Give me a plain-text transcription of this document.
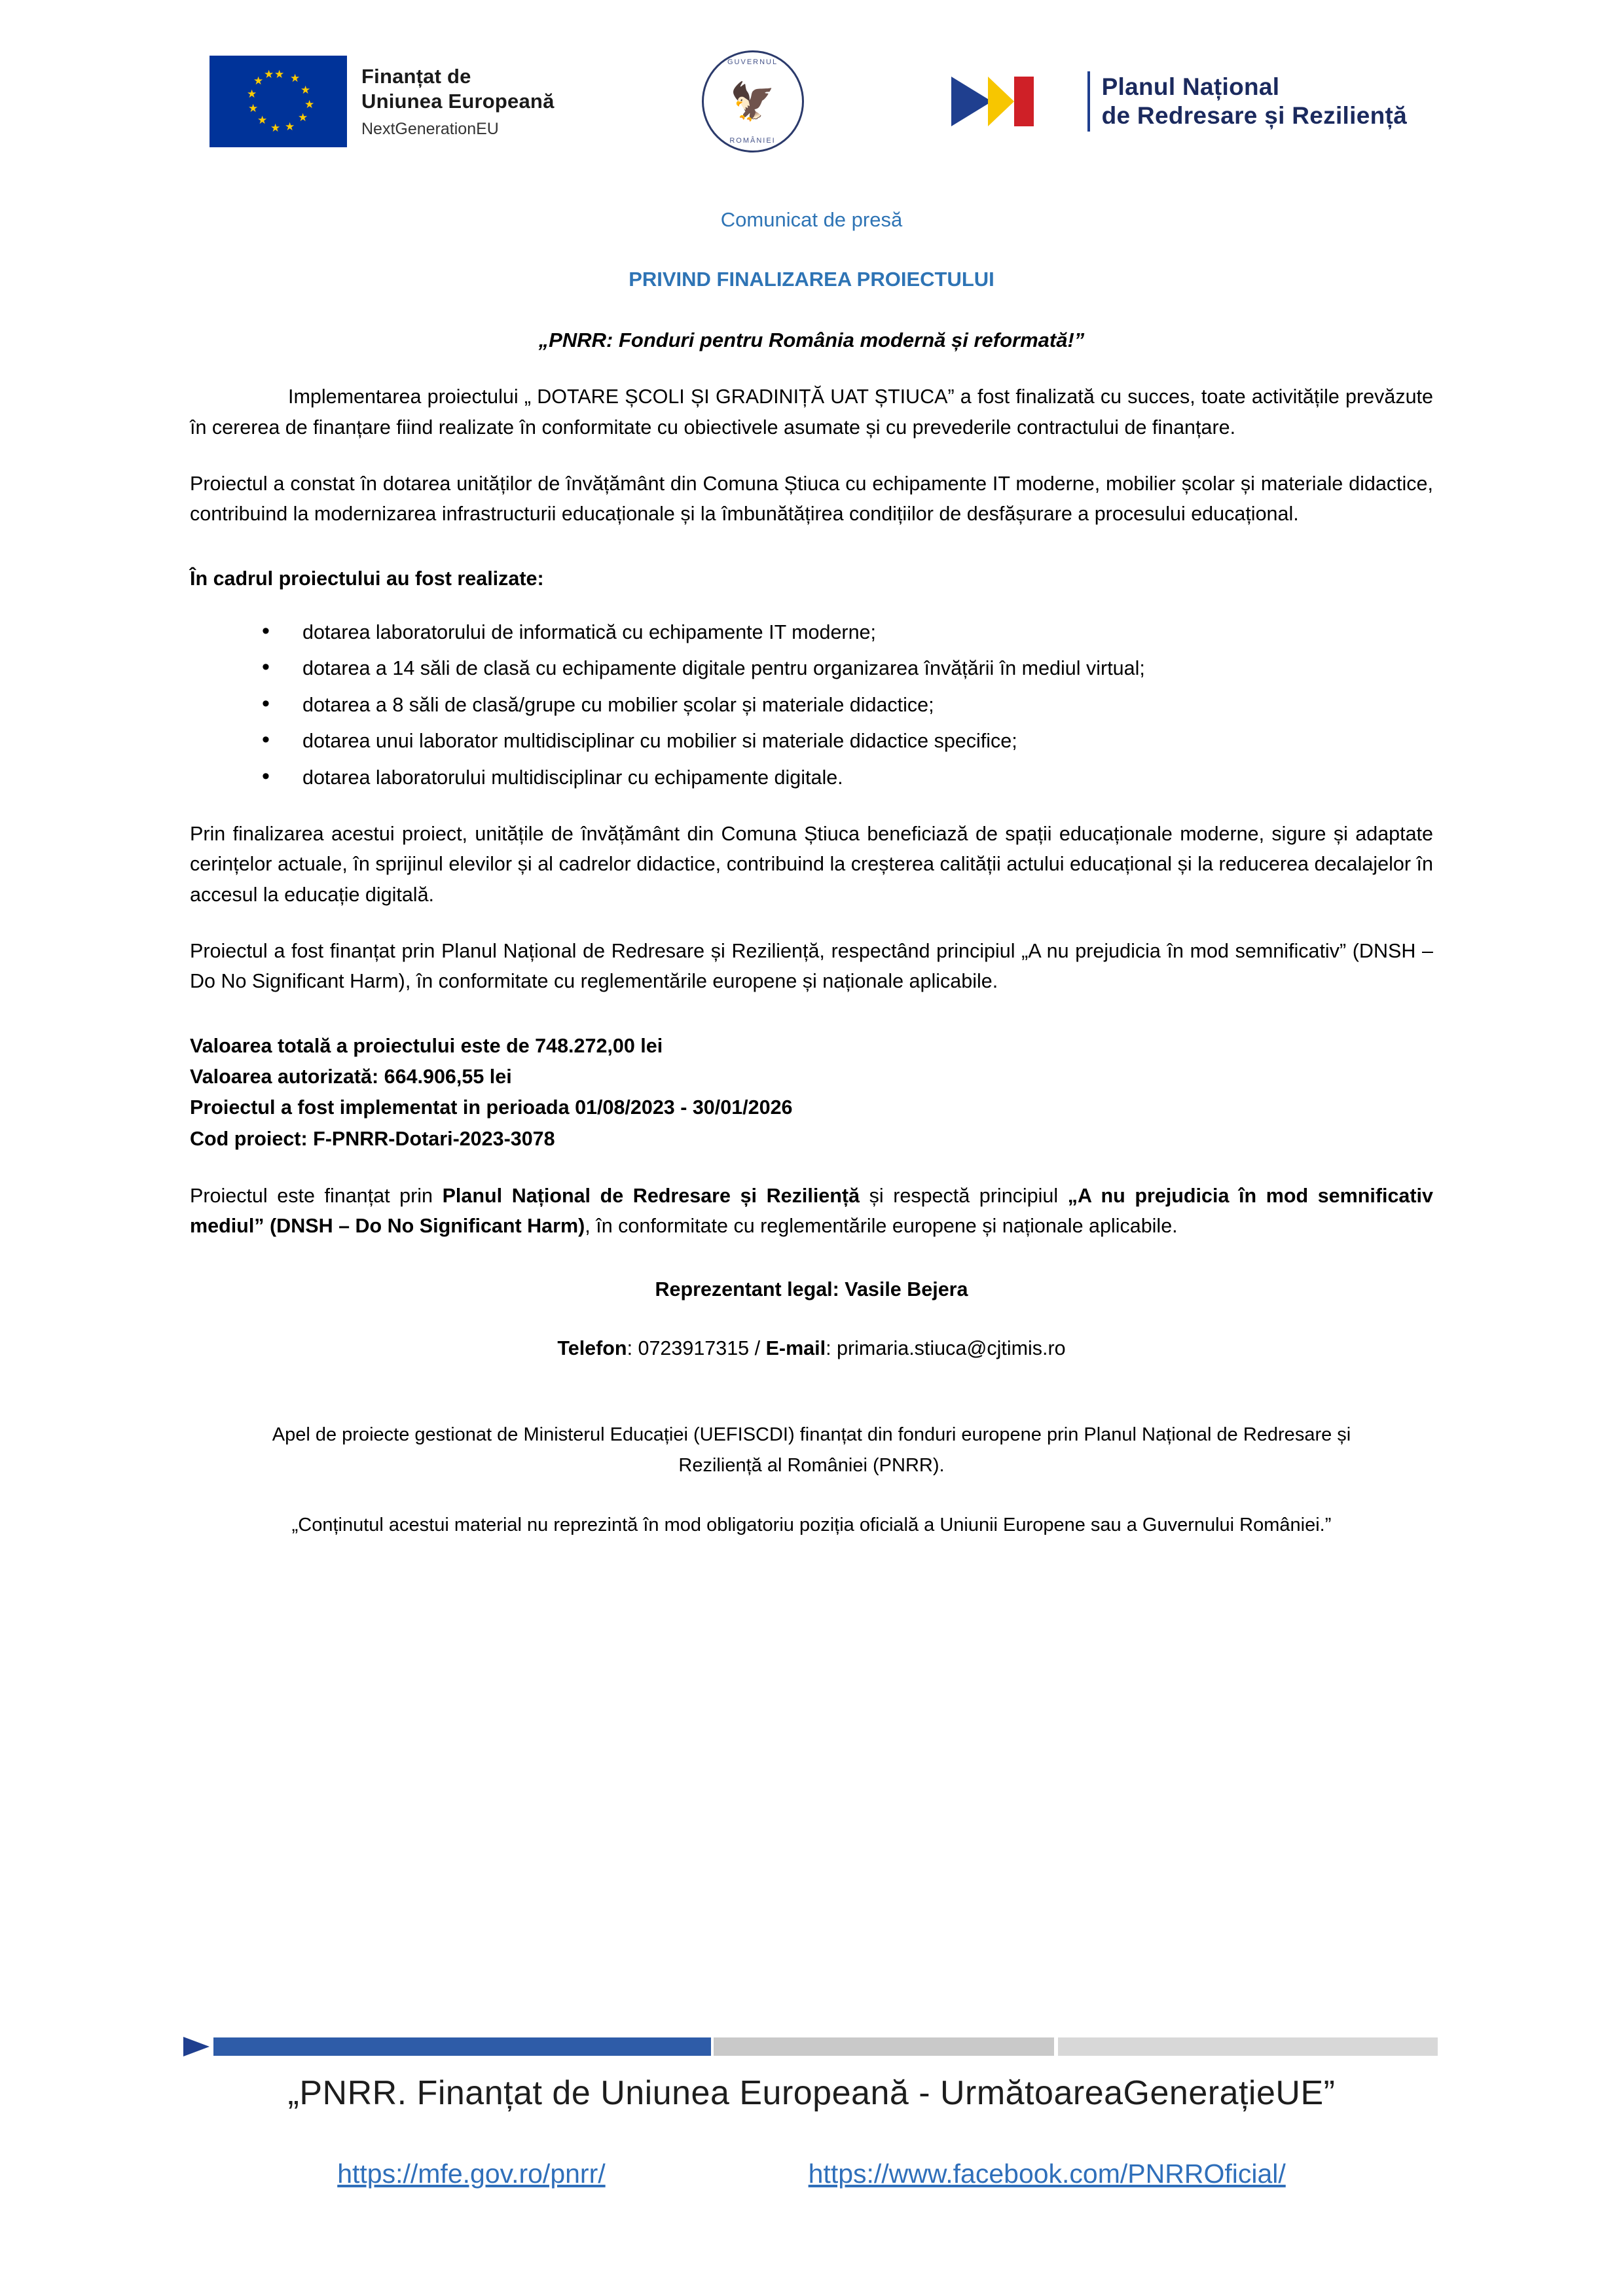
★ ★
★
★
★
★
★
★
★
★
★
★	Finanțat de
Uniunea Europeană
NextGenerationEU
GUVERNUL
🦅
ROMÂNIEI
Planul Național
de Redresare și Reziliență
Comunicat de presă
PRIVIND FINALIZAREA PROIECTULUI
„PNRR: Fonduri pentru România modernă și reformată!”

Implementarea proiectului „ DOTARE ȘCOLI ȘI GRADINIȚĂ UAT ȘTIUCA” a fost finalizată cu succes, toate activitățile prevăzute în cererea de finanțare fiind realizate în conformitate cu obiectivele asumate și cu prevederile contractului de finanțare.

Proiectul a constat în dotarea unităților de învățământ din Comuna Știuca cu echipamente IT moderne, mobilier școlar și materiale didactice, contribuind la modernizarea infrastructurii educaționale și la îmbunătățirea condițiilor de desfășurare a procesului educațional.

În cadrul proiectului au fost realizate:
• dotarea laboratorului de informatică cu echipamente IT moderne;
• dotarea a 14 săli de clasă cu echipamente digitale pentru organizarea învățării în mediul virtual;
• dotarea a 8 săli de clasă/grupe cu mobilier școlar și materiale didactice;
• dotarea unui laborator multidisciplinar cu mobilier si materiale didactice specifice;
• dotarea laboratorului multidisciplinar cu echipamente digitale.

Prin finalizarea acestui proiect, unitățile de învățământ din Comuna Știuca beneficiază de spații educaționale moderne, sigure și adaptate cerințelor actuale, în sprijinul elevilor și al cadrelor didactice, contribuind la creșterea calității actului educațional și la reducerea decalajelor în accesul la educație digitală.

Proiectul a fost finanțat prin Planul Național de Redresare și Reziliență, respectând principiul „A nu prejudicia în mod semnificativ” (DNSH – Do No Significant Harm), în conformitate cu reglementările europene și naționale aplicabile.

Valoarea totală a proiectului este de 748.272,00 lei
Valoarea autorizată: 664.906,55 lei
Proiectul a fost implementat in perioada 01/08/2023 - 30/01/2026
Cod proiect: F-PNRR-Dotari-2023-3078

Proiectul este finanțat prin Planul Național de Redresare și Reziliență și respectă principiul „A nu prejudicia în mod semnificativ mediul” (DNSH – Do No Significant Harm), în conformitate cu reglementările europene și naționale aplicabile.

Reprezentant legal: Vasile Bejera
Telefon: 0723917315 / E-mail: primaria.stiuca@cjtimis.ro
Apel de proiecte gestionat de Ministerul Educației (UEFISCDI) finanțat din fonduri europene prin Planul Național de Redresare și Reziliență al României (PNRR).
„Conținutul acestui material nu reprezintă în mod obligatoriu poziția oficială a Uniunii Europene sau a Guvernului României.”
„PNRR. Finanțat de Uniunea Europeană - UrmătoareaGenerațieUE”
https://mfe.gov.ro/pnrr/	https://www.facebook.com/PNRROficial/
